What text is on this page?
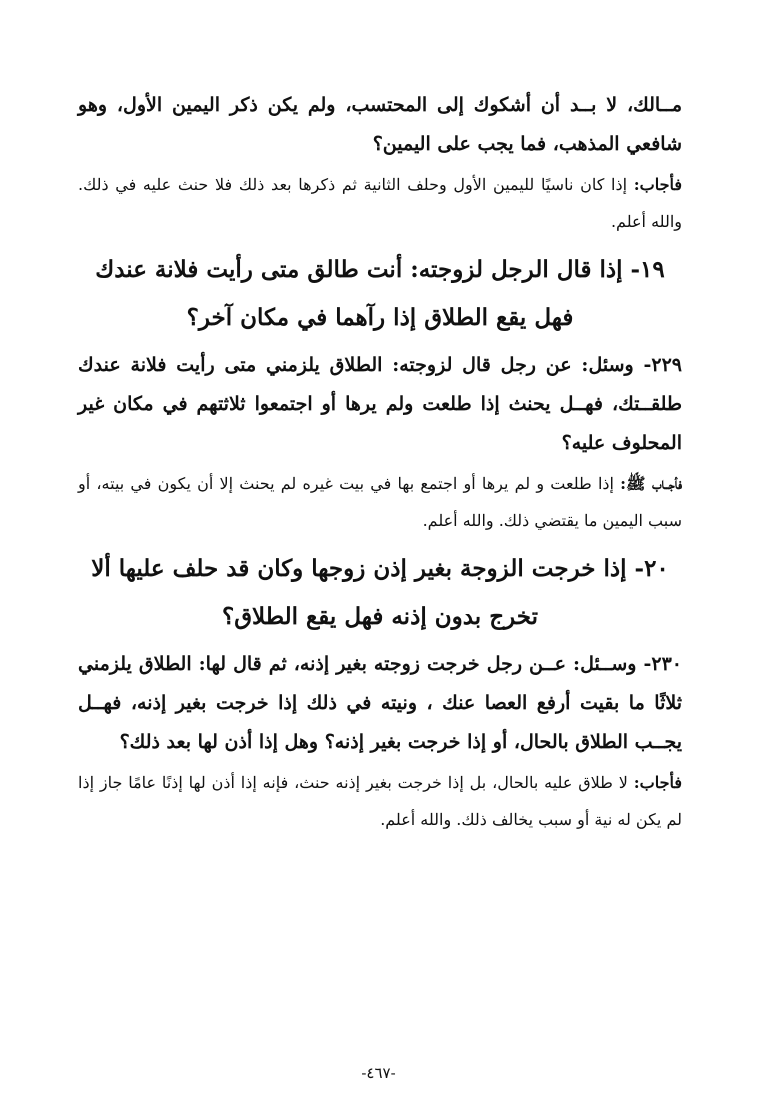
مــالك، لا بــد أن أشكوك إلى المحتسب، ولم يكن ذكر اليمين الأول، وهو شافعي المذهب، فما يجب على اليمين؟

فأجاب: إذا كان ناسيًا لليمين الأول وحلف الثانية ثم ذكرها بعد ذلك فلا حنث عليه في ذلك. والله أعلم.

١٩- إذا قال الرجل لزوجته: أنت طالق متى رأيت فلانة عندك فهل يقع الطلاق إذا رآهما في مكان آخر؟

٢٢٩- وسئل: عن رجل قال لزوجته: الطلاق يلزمني متى رأيت فلانة عندك طلقــتك، فهــل يحنث إذا طلعت ولم يرها أو اجتمعوا ثلاثتهم في مكان غير المحلوف عليه؟

فأجــاب ﷺ: إذا طلعت و لم يرها أو اجتمع بها في بيت غيره لم يحنث إلا أن يكون في بيته، أو سبب اليمين ما يقتضي ذلك. والله أعلم.

٢٠- إذا خرجت الزوجة بغير إذن زوجها وكان قد حلف عليها ألا تخرج بدون إذنه فهل يقع الطلاق؟

٢٣٠- وســئل: عــن رجل خرجت زوجته بغير إذنه، ثم قال لها: الطلاق يلزمني ثلاثًا ما بقيت أرفع العصا عنك ، ونيته في ذلك إذا خرجت بغير إذنه، فهــل يجــب الطلاق بالحال، أو إذا خرجت بغير إذنه؟ وهل إذا أذن لها بعد ذلك؟

فأجاب: لا طلاق عليه بالحال، بل إذا خرجت بغير إذنه حنث، فإنه إذا أذن لها إذنًا عامًا جاز إذا لم يكن له نية أو سبب يخالف ذلك. والله أعلم.

-٤٦٧-
